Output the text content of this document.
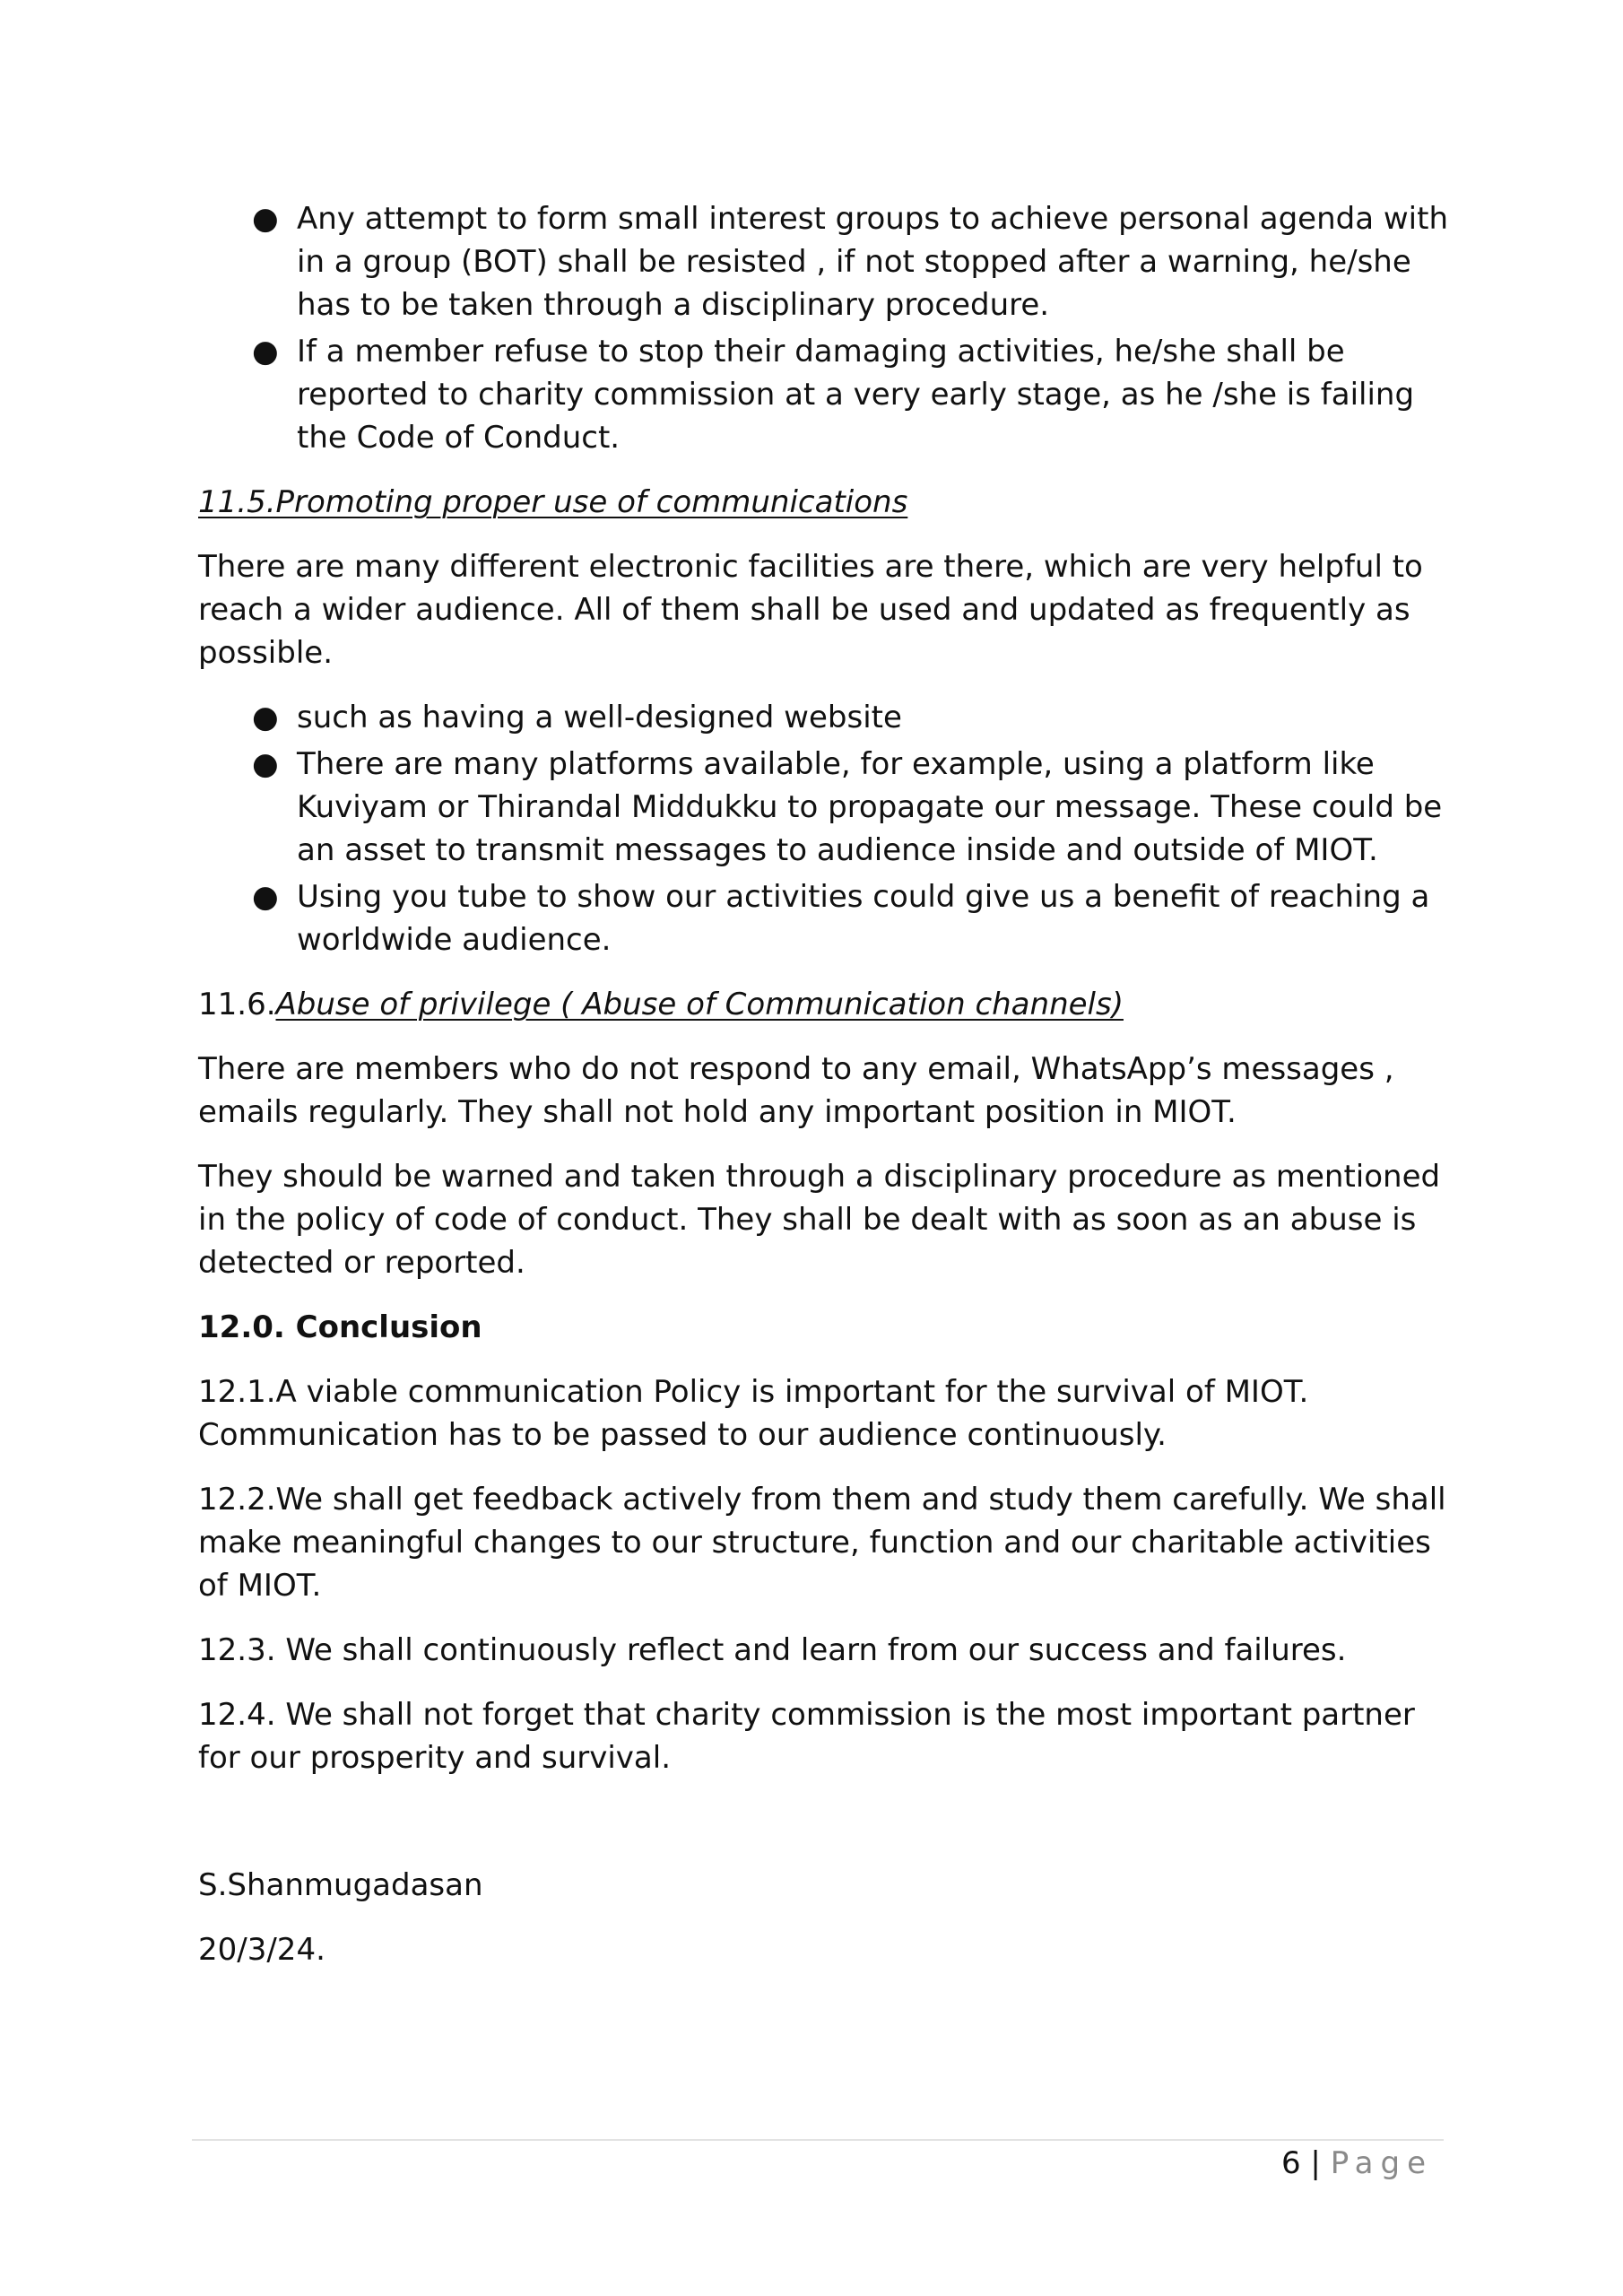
● Any attempt to form small interest groups to achieve personal agenda with in a group (BOT) shall be resisted , if not stopped after a warning, he/she has to be taken through a disciplinary procedure.
● If a member refuse to stop their damaging activities, he/she shall be reported to charity commission at a very early stage, as he /she is failing the Code of Conduct.

11.5.Promoting proper use of communications

There are many different electronic facilities are there, which are very helpful to reach a wider audience. All of them shall be used and updated as frequently as possible.

● such as having a well-designed website
● There are many platforms available, for example, using a platform like Kuviyam or Thirandal Middukku to propagate our message. These could be an asset to transmit messages to audience inside and outside of MIOT.
● Using you tube to show our activities could give us a benefit of reaching a worldwide audience.

11.6.Abuse of privilege ( Abuse of Communication channels)

There are members who do not respond to any email, WhatsApp’s messages , emails regularly. They shall not hold any important position in MIOT.

They should be warned and taken through a disciplinary procedure as mentioned in the policy of code of conduct. They shall be dealt with as soon as an abuse is detected or reported.

12.0. Conclusion

12.1.A viable communication Policy is important for the survival of MIOT. Communication has to be passed to our audience continuously.

12.2.We shall get feedback actively from them and study them carefully. We shall make meaningful changes to our structure, function and our charitable activities of MIOT.

12.3. We shall continuously reflect and learn from our success and failures.

12.4. We shall not forget that charity commission is the most important partner for our prosperity and survival.

S.Shanmugadasan

20/3/24.

6 | Page
